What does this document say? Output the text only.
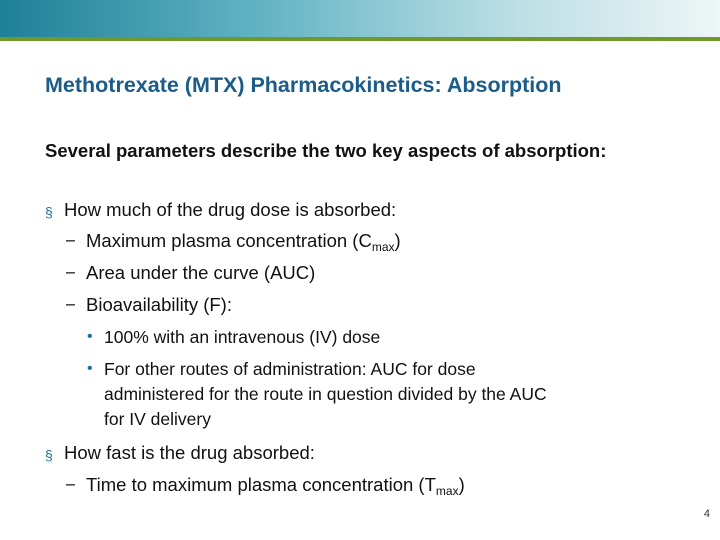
Methotrexate (MTX) Pharmacokinetics: Absorption

Several parameters describe the two key aspects of absorption:

§ How much of the drug dose is absorbed:
− Maximum plasma concentration $(C_{max})$
− Area under the curve (AUC)
− Bioavailability (F):
• 100% with an intravenous (IV) dose
• For other routes of administration: AUC for dose
administered for the route in question divided by the AUC
for IV delivery
§ How fast is the drug absorbed:
− Time to maximum plasma concentration $(T_{max})$
4
